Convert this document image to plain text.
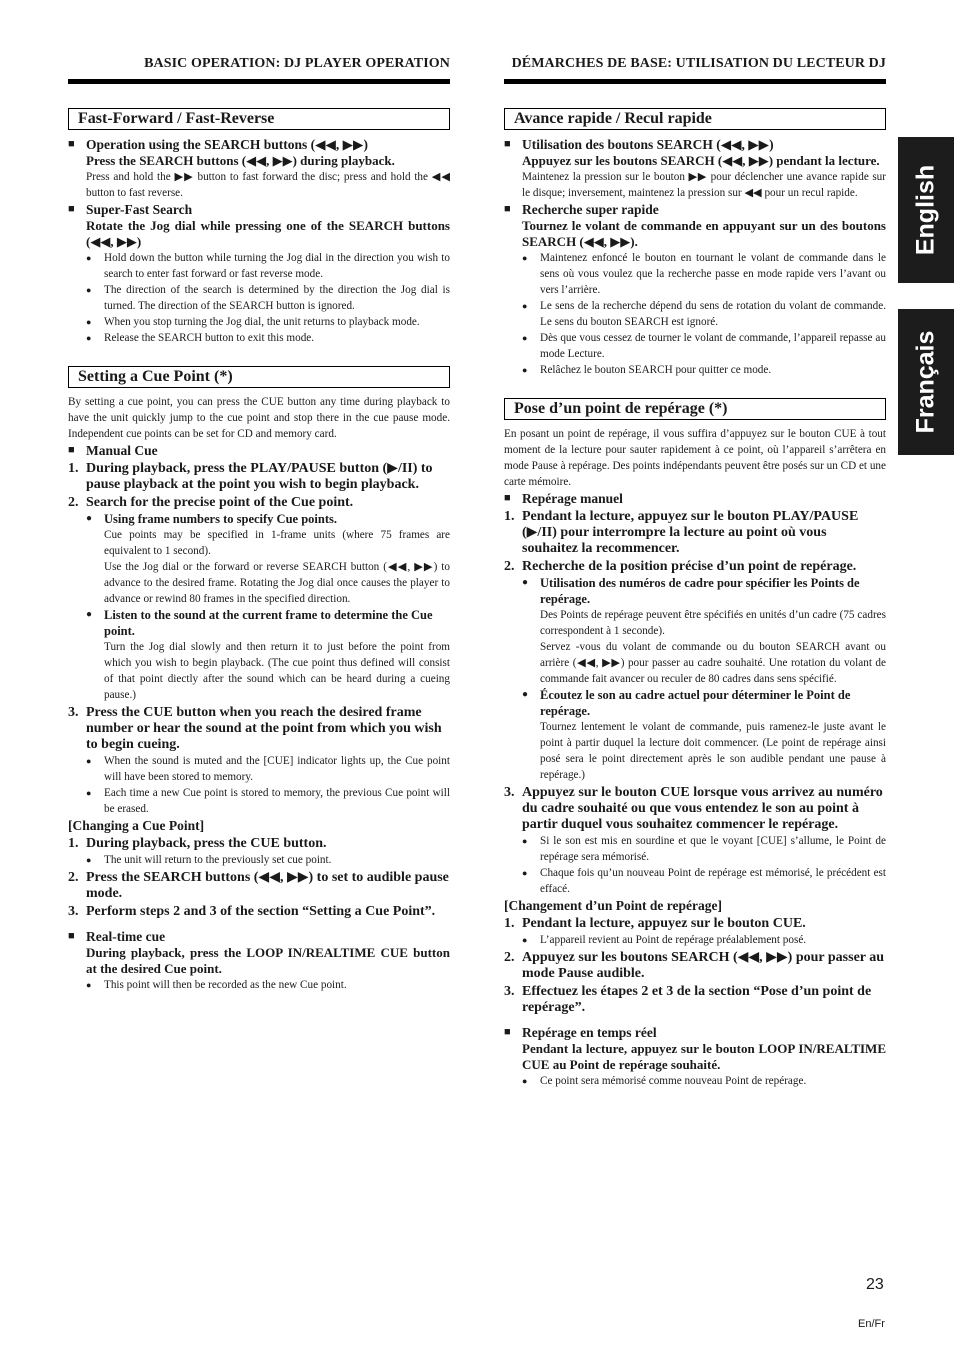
BASIC OPERATION: DJ PLAYER OPERATION
Fast-Forward / Fast-Reverse

■ Operation using the SEARCH buttons (◀◀, ▶▶)

Press the SEARCH buttons (◀◀, ▶▶) during playback.

Press and hold the ▶▶ button to fast forward the disc; press and hold the ◀◀ button to fast reverse.

■ Super-Fast Search

Rotate the Jog dial while pressing one of the SEARCH buttons (◀◀, ▶▶)

● Hold down the button while turning the Jog dial in the direction you wish to search to enter fast forward or fast reverse mode.
● The direction of the search is determined by the direction the Jog dial is turned. The direction of the SEARCH button is ignored.
● When you stop turning the Jog dial, the unit returns to playback mode.
● Release the SEARCH button to exit this mode.
Setting a Cue Point (*)

By setting a cue point, you can press the CUE button any time during playback to have the unit quickly jump to the cue point and stop there in the cue pause mode. Independent cue points can be set for CD and memory card.

■ Manual Cue

1. During playback, press the PLAY/PAUSE button (▶/II) to pause playback at the point you wish to begin playback.
2. Search for the precise point of the Cue point.
● Using frame numbers to specify Cue points.

Cue points may be specified in 1-frame units (where 75 frames are equivalent to 1 second).

Use the Jog dial or the forward or reverse SEARCH button (◀◀, ▶▶) to advance to the desired frame. Rotating the Jog dial once causes the player to advance or rewind 80 frames in the specified direction.

● Listen to the sound at the current frame to determine the Cue point.

Turn the Jog dial slowly and then return it to just before the point from which you wish to begin playback. (The cue point thus defined will consist of that point diectly after the sound which can be heard during a cueing pause.)

3. Press the CUE button when you reach the desired frame number or hear the sound at the point from which you wish to begin cueing.
● When the sound is muted and the [CUE] indicator lights up, the Cue point will have been stored to memory.
● Each time a new Cue point is stored to memory, the previous Cue point will be erased.

[Changing a Cue Point]

1. During playback, press the CUE button.
● The unit will return to the previously set cue point.
2. Press the SEARCH buttons (◀◀, ▶▶) to set to audible pause mode.
3. Perform steps 2 and 3 of the section “Setting a Cue Point”.

■ Real-time cue

During playback, press the LOOP IN/REALTIME CUE button at the desired Cue point.

● This point will then be recorded as the new Cue point.
DÉMARCHES DE BASE: UTILISATION DU LECTEUR DJ
Avance rapide / Recul rapide

■ Utilisation des boutons SEARCH (◀◀, ▶▶)

Appuyez sur les boutons SEARCH (◀◀, ▶▶) pendant la lecture.

Maintenez la pression sur le bouton ▶▶ pour déclencher une avance rapide sur le disque; inversement, maintenez la pression sur ◀◀ pour un recul rapide.

■ Recherche super rapide

Tournez le volant de commande en appuyant sur un des boutons SEARCH (◀◀, ▶▶).

● Maintenez enfoncé le bouton en tournant le volant de commande dans le sens où vous voulez que la recherche passe en mode rapide vers l’avant ou vers l’arrière.
● Le sens de la recherche dépend du sens de rotation du volant de commande. Le sens du bouton SEARCH est ignoré.
● Dès que vous cessez de tourner le volant de commande, l’appareil repasse au mode Lecture.
● Relâchez le bouton SEARCH pour quitter ce mode.
Pose d’un point de repérage (*)

En posant un point de repérage, il vous suffira d’appuyez sur le bouton CUE à tout moment de la lecture pour sauter rapidement à ce point, où l’appareil s’arrêtera en mode Pause à repérage. Des points indépendants peuvent être posés sur un CD et une carte mémoire.

■ Repérage manuel

1. Pendant la lecture, appuyez sur le bouton PLAY/PAUSE (▶/II) pour interrompre la lecture au point où vous souhaitez la recommencer.
2. Recherche de la position précise d’un point de repérage.
● Utilisation des numéros de cadre pour spécifier les Points de repérage.

Des Points de repérage peuvent être spécifiés en unités d’un cadre (75 cadres correspondent à 1 seconde).

Servez -vous du volant de commande ou du bouton SEARCH avant ou arrière (◀◀, ▶▶) pour passer au cadre souhaité. Une rotation du volant de commande fait avancer ou reculer de 80 cadres dans sens spécifié.

● Écoutez le son au cadre actuel pour déterminer le Point de repérage.

Tournez lentement le volant de commande, puis ramenez-le juste avant le point à partir duquel la lecture doit commencer. (Le point de repérage ainsi posé sera le point directement après le son audible pendant une pause à repérage.)

3. Appuyez sur le bouton CUE lorsque vous arrivez au numéro du cadre souhaité ou que vous entendez le son au point à partir duquel vous souhaitez commencer le repérage.
● Si le son est mis en sourdine et que le voyant [CUE] s’allume, le Point de repérage sera mémorisé.
● Chaque fois qu’un nouveau Point de repérage est mémorisé, le précédent est effacé.

[Changement d’un Point de repérage]

1. Pendant la lecture, appuyez sur le bouton CUE.
● L’appareil revient au Point de repérage préalablement posé.
2. Appuyez sur les boutons SEARCH (◀◀, ▶▶) pour passer au mode Pause audible.
3. Effectuez les étapes 2 et 3 de la section “Pose d’un point de repérage”.

■ Repérage en temps réel

Pendant la lecture, appuyez sur le bouton LOOP IN/REALTIME CUE au Point de repérage souhaité.

● Ce point sera mémorisé comme nouveau Point de repérage.
English
Français
23
En/Fr
